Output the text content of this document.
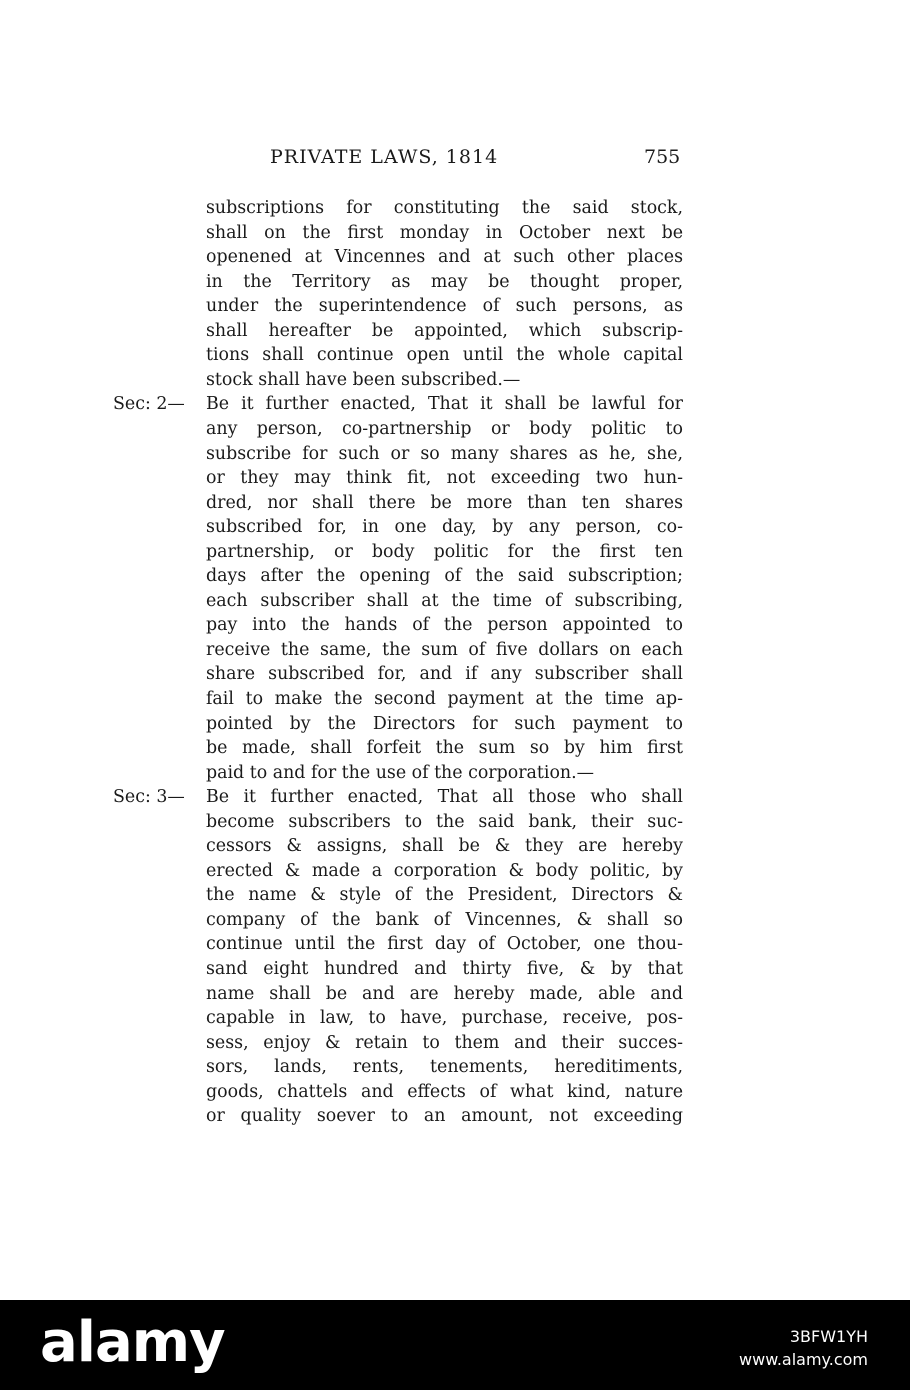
PRIVATE LAWS, 1814	755
subscriptions for constituting the said stock,
shall on the first monday in October next be
openened at Vincennes and at such other places
in the Territory as may be thought proper,
under the superintendence of such persons, as
shall hereafter be appointed, which subscrip-
tions shall continue open until the whole capital
stock shall have been subscribed.—
Sec: 2— Be it further enacted, That it shall be lawful for
any person, co-partnership or body politic to
subscribe for such or so many shares as he, she,
or they may think fit, not exceeding two hun-
dred, nor shall there be more than ten shares
subscribed for, in one day, by any person, co-
partnership, or body politic for the first ten
days after the opening of the said subscription;
each subscriber shall at the time of subscribing,
pay into the hands of the person appointed to
receive the same, the sum of five dollars on each
share subscribed for, and if any subscriber shall
fail to make the second payment at the time ap-
pointed by the Directors for such payment to
be made, shall forfeit the sum so by him first
paid to and for the use of the corporation.—
Sec: 3— Be it further enacted, That all those who shall
become subscribers to the said bank, their suc-
cessors & assigns, shall be & they are hereby
erected & made a corporation & body politic, by
the name & style of the President, Directors &
company of the bank of Vincennes, & shall so
continue until the first day of October, one thou-
sand eight hundred and thirty five, & by that
name shall be and are hereby made, able and
capable in law, to have, purchase, receive, pos-
sess, enjoy & retain to them and their succes-
sors, lands, rents, tenements, hereditiments,
goods, chattels and effects of what kind, nature
or quality soever to an amount, not exceeding
alamy	3BFW1YH
www.alamy.com
